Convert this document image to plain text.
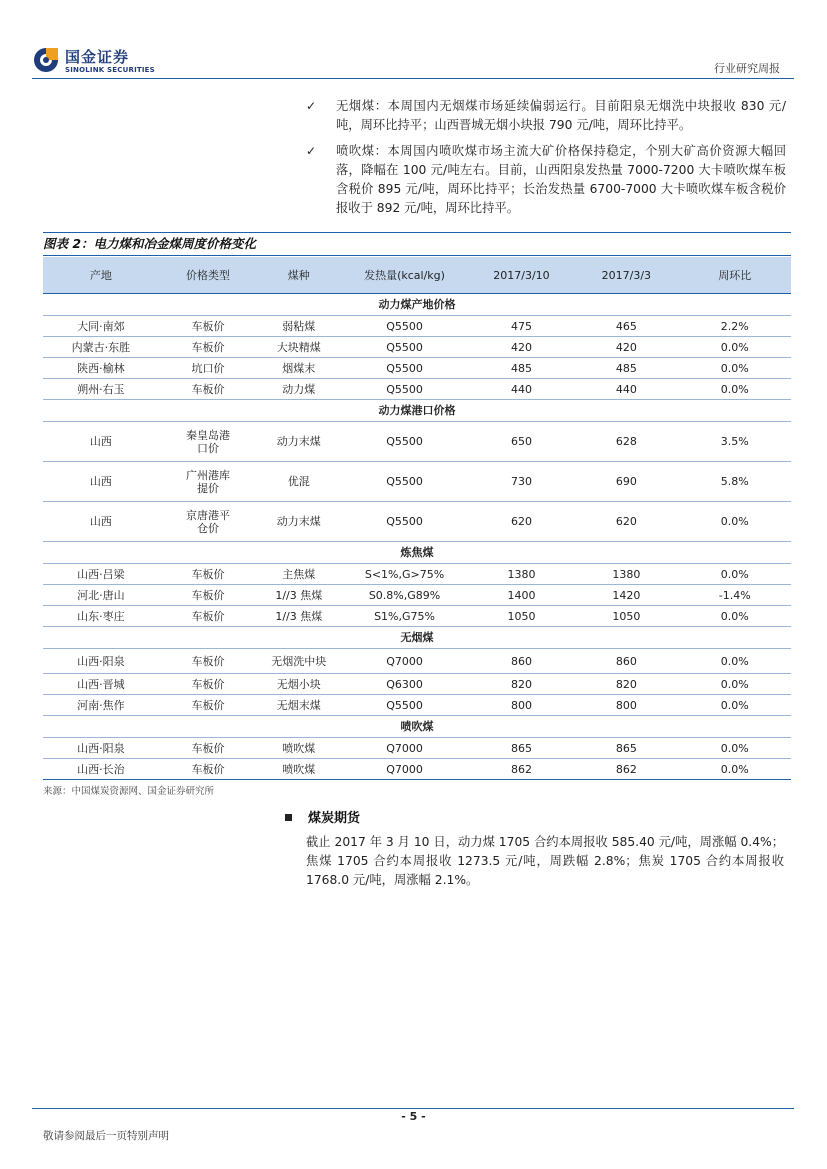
国金证券
SINOLINK SECURITIES	行业研究周报
✓ 无烟煤：本周国内无烟煤市场延续偏弱运行。目前阳泉无烟洗中块报收 830 元/吨，周环比持平；山西晋城无烟小块报 790 元/吨，周环比持平。
✓ 喷吹煤：本周国内喷吹煤市场主流大矿价格保持稳定，个别大矿高价资源大幅回落，降幅在 100 元/吨左右。目前，山西阳泉发热量 7000-7200 大卡喷吹煤车板含税价 895 元/吨，周环比持平；长治发热量 6700-7000 大卡喷吹煤车板含税价报收于 892 元/吨，周环比持平。
图表 2：电力煤和冶金煤周度价格变化
产地	价格类型	煤种	发热量(kcal/kg)	2017/3/10	2017/3/3	周环比
动力煤产地价格						
大同·南郊	车板价	弱粘煤	Q5500	475	465	2.2%
内蒙古·东胜	车板价	大块精煤	Q5500	420	420	0.0%
陕西·榆林	坑口价	烟煤末	Q5500	485	485	0.0%
朔州·右玉	车板价	动力煤	Q5500	440	440	0.0%
动力煤港口价格						
山西	秦皇岛港口价	动力末煤	Q5500	650	628	3.5%
山西	广州港库提价	优混	Q5500	730	690	5.8%
山西	京唐港平仓价	动力末煤	Q5500	620	620	0.0%
炼焦煤						
山西·吕梁	车板价	主焦煤	S<1%,G>75%	1380	1380	0.0%
河北·唐山	车板价	1//3 焦煤	S0.8%,G89%	1400	1420	-1.4%
山东·枣庄	车板价	1//3 焦煤	S1%,G75%	1050	1050	0.0%
无烟煤						
山西·阳泉	车板价	无烟洗中块	Q7000	860	860	0.0%
山西·晋城	车板价	无烟小块	Q6300	820	820	0.0%
河南·焦作	车板价	无烟末煤	Q5500	800	800	0.0%
喷吹煤						
山西·阳泉	车板价	喷吹煤	Q7000	865	865	0.0%
山西·长治	车板价	喷吹煤	Q7000	862	862	0.0%
来源：中国煤炭资源网、国金证券研究所
煤炭期货
截止 2017 年 3 月 10 日，动力煤 1705 合约本周报收 585.40 元/吨，周涨幅 0.4%；焦煤 1705 合约本周报收 1273.5 元/吨，周跌幅 2.8%；焦炭 1705 合约本周报收 1768.0 元/吨，周涨幅 2.1%。
- 5 -
敬请参阅最后一页特别声明
